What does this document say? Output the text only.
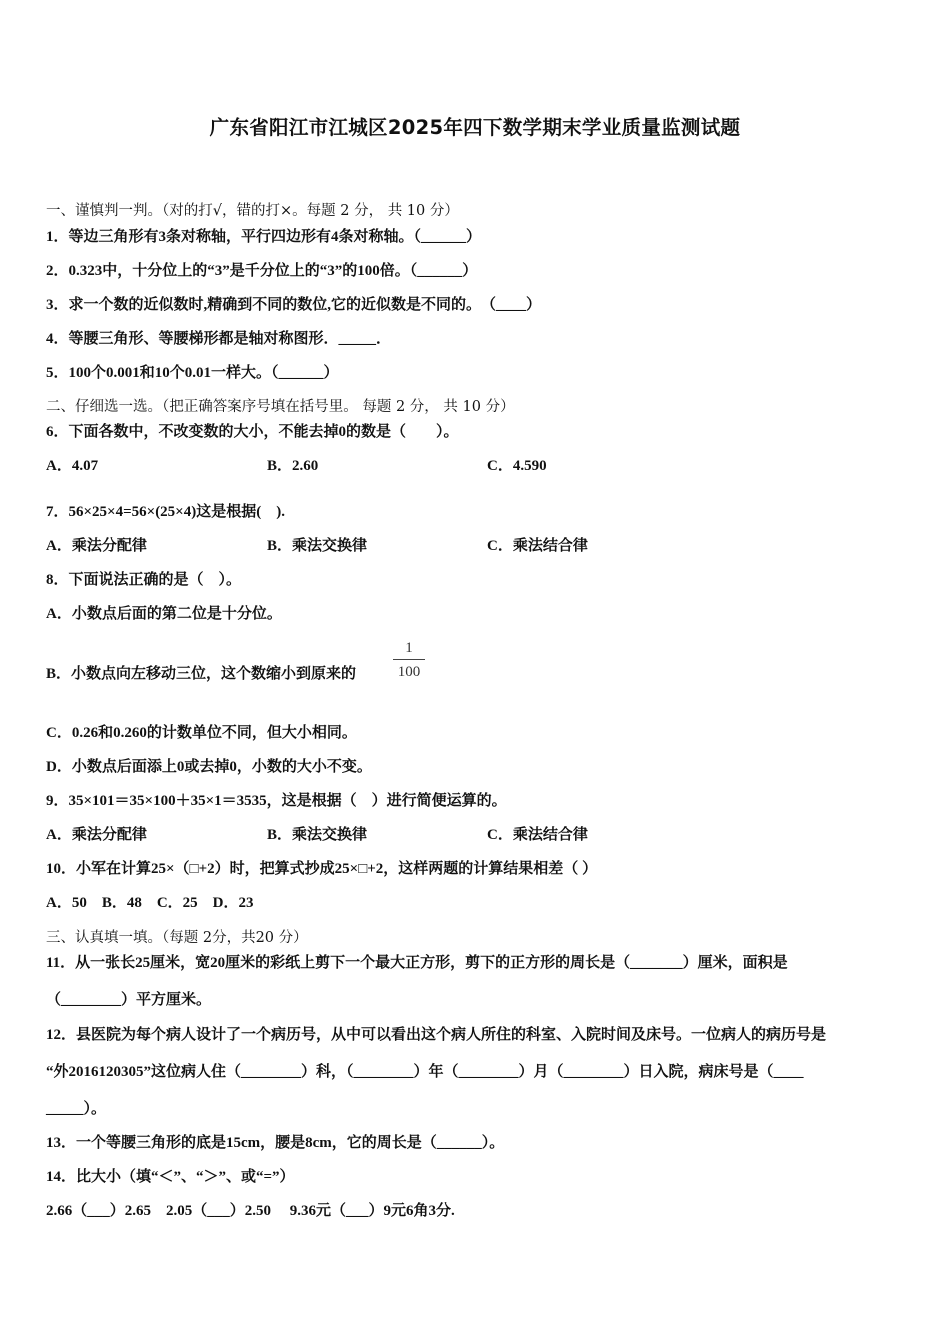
广东省阳江市江城区2025年四下数学期末学业质量监测试题
一、谨慎判一判。（对的打√，错的打×。每题 2 分， 共 10 分）
1．等边三角形有3条对称轴，平行四边形有4条对称轴。（______）
2．0.323中，十分位上的“3”是千分位上的“3”的100倍。（______）
3．求一个数的近似数时,精确到不同的数位,它的近似数是不同的。　（____）
4．等腰三角形、等腰梯形都是轴对称图形．_____．
5．100个0.001和10个0.01一样大。（______）
二、仔细选一选。（把正确答案序号填在括号里。 每题 2 分， 共 10 分）
6．下面各数中，不改变数的大小，不能去掉0的数是（　　）。
A．4.07	B．2.60	C．4.590
7．56×25×4=56×(25×4)这是根据(　).
A．乘法分配律	B．乘法交换律	C．乘法结合律
8．下面说法正确的是（　）。
A．小数点后面的第二位是十分位。
B．小数点向左移动三位，这个数缩小到原来的
1
100
C．0.26和0.260的计数单位不同，但大小相同。
D．小数点后面添上0或去掉0，小数的大小不变。
9．35×101＝35×100＋35×1＝3535，这是根据（　）进行简便运算的。
A．乘法分配律	B．乘法交换律	C．乘法结合律
10．小军在计算25×（□+2）时，把算式抄成25×□+2，这样两题的计算结果相差（ ）
A．50　B．48　C．25　D．23
三、认真填一填。（每题 2分，共20 分）
11．从一张长25厘米，宽20厘米的彩纸上剪下一个最大正方形，剪下的正方形的周长是（_______）厘米，面积是
（________）平方厘米。
12．县医院为每个病人设计了一个病历号，从中可以看出这个病人所住的科室、入院时间及床号。一位病人的病历号是
“外2016120305”这位病人住（________）科，（________）年（________）月（________）日入院，病床号是（____
_____）。
13．一个等腰三角形的底是15cm，腰是8cm，它的周长是（______）。
14．比大小（填“＜”、“＞”、或“=”）
2.66（___）2.65　2.05（___）2.50　 9.36元（___）9元6角3分.
